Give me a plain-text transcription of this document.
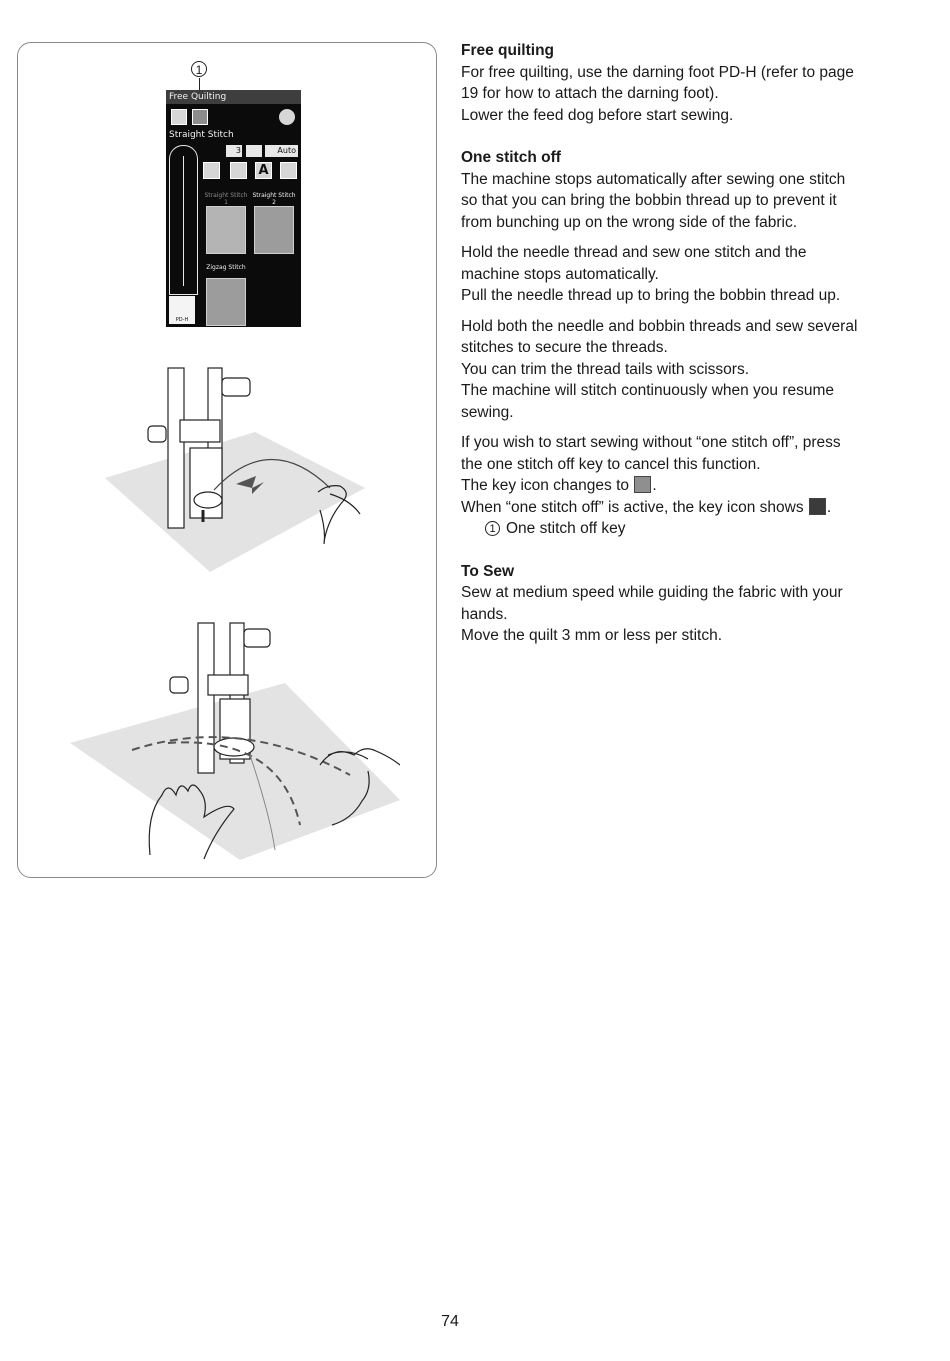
1
Free Quilting
Straight Stitch
3	Auto
A
Straight Stitch 1
Straight Stitch 2
Zigzag Stitch
PD-H

Free quilting

For free quilting, use the darning foot PD-H (refer to page

19 for how to attach the darning foot).

Lower the feed dog before start sewing.

One stitch off

The machine stops automatically after sewing one stitch

so that you can bring the bobbin thread up to prevent it

from bunching up on the wrong side of the fabric.

Hold the needle thread and sew one stitch and the

machine stops automatically.

Pull the needle thread up to bring the bobbin thread up.

Hold both the needle and bobbin threads and sew several

stitches to secure the threads.

You can trim the thread tails with scissors.

The machine will stitch continuously when you resume

sewing.

If you wish to start sewing without “one stitch off”, press

the one stitch off key to cancel this function.

The key icon changes to .

When “one stitch off” is active, the key icon shows .

1 One stitch off key

To Sew

Sew at medium speed while guiding the fabric with your

hands.

Move the quilt 3 mm or less per stitch.

74
